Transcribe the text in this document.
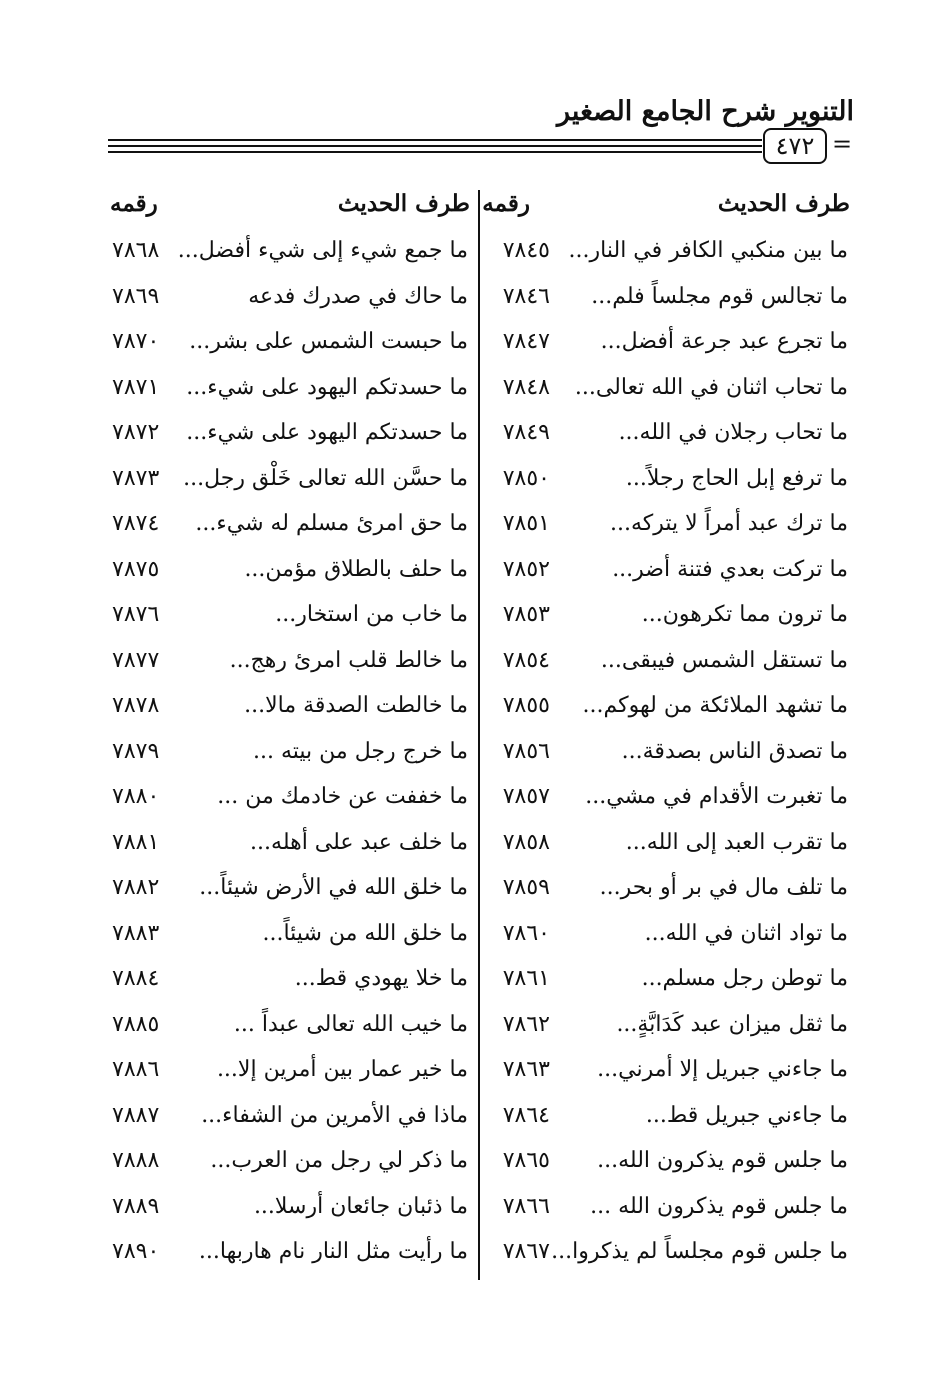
التنوير شرح الجامع الصغير
٤٧٢ =
طرف الحديث
رقمه
طرف الحديث
رقمه
ما بين منكبي الكافر في النار...
٧٨٤٥
ما جمع شيء إلى شيء أفضل...
٧٨٦٨
ما تجالس قوم مجلساً فلم...
٧٨٤٦
ما حاك في صدرك فدعه
٧٨٦٩
ما تجرع عبد جرعة أفضل...
٧٨٤٧
ما حبست الشمس على بشر...
٧٨٧٠
ما تحاب اثنان في الله تعالى...
٧٨٤٨
ما حسدتكم اليهود على شيء...
٧٨٧١
ما تحاب رجلان في الله...
٧٨٤٩
ما حسدتكم اليهود على شيء...
٧٨٧٢
ما ترفع إبل الحاج رجلاً...
٧٨٥٠
ما حسَّن الله تعالى خَلْق رجل...
٧٨٧٣
ما ترك عبد أمراً لا يتركه...
٧٨٥١
ما حق امرئ مسلم له شيء...
٧٨٧٤
ما تركت بعدي فتنة أضر...
٧٨٥٢
ما حلف بالطلاق مؤمن...
٧٨٧٥
ما ترون مما تكرهون...
٧٨٥٣
ما خاب من استخار...
٧٨٧٦
ما تستقل الشمس فيبقى...
٧٨٥٤
ما خالط قلب امرئ رهج...
٧٨٧٧
ما تشهد الملائكة من لهوكم...
٧٨٥٥
ما خالطت الصدقة مالا...
٧٨٧٨
ما تصدق الناس بصدقة...
٧٨٥٦
ما خرج رجل من بيته ...
٧٨٧٩
ما تغبرت الأقدام في مشي...
٧٨٥٧
ما خففت عن خادمك من ...
٧٨٨٠
ما تقرب العبد إلى الله...
٧٨٥٨
ما خلف عبد على أهله...
٧٨٨١
ما تلف مال في بر أو بحر...
٧٨٥٩
ما خلق الله في الأرض شيئاً...
٧٨٨٢
ما تواد اثنان في الله...
٧٨٦٠
ما خلق الله من شيئاً...
٧٨٨٣
ما توطن رجل مسلم...
٧٨٦١
ما خلا يهودي قط...
٧٨٨٤
ما ثقل ميزان عبد كَدَابَّةٍ...
٧٨٦٢
ما خيب الله تعالى عبداً ...
٧٨٨٥
ما جاءني جبريل إلا أمرني...
٧٨٦٣
ما خير عمار بين أمرين إلا...
٧٨٨٦
ما جاءني جبريل قط...
٧٨٦٤
ماذا في الأمرين من الشفاء...
٧٨٨٧
ما جلس قوم يذكرون الله...
٧٨٦٥
ما ذكر لي رجل من العرب...
٧٨٨٨
ما جلس قوم يذكرون الله ...
٧٨٦٦
ما ذئبان جائعان أرسلا...
٧٨٨٩
ما جلس قوم مجلساً لم يذكروا...
٧٨٦٧
ما رأيت مثل النار نام هاربها...
٧٨٩٠
